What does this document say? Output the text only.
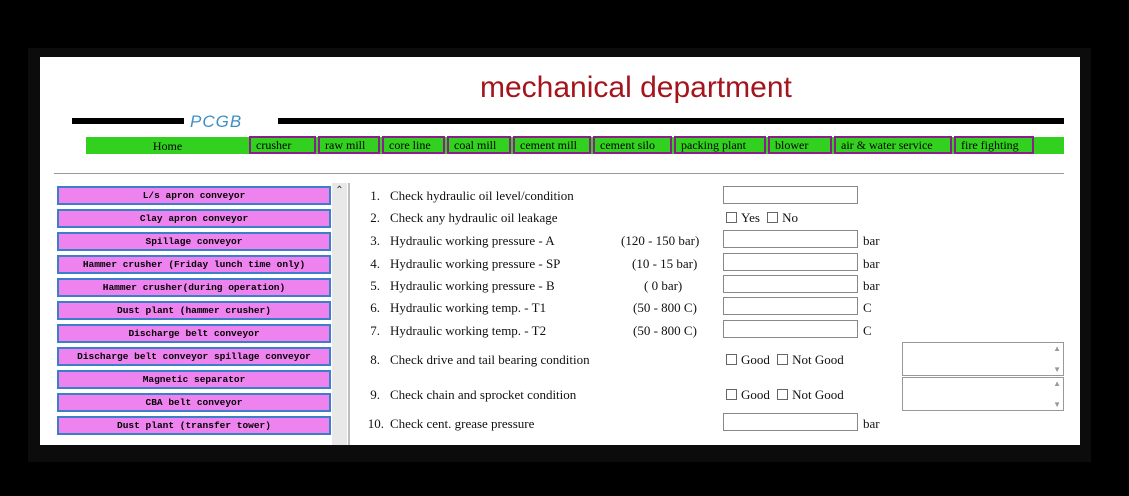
mechanical department
PCGB
Home	crusher	raw mill	core line	coal mill	cement mill	cement silo	packing plant	blower	air & water service	fire fighting
L/s apron conveyor
Clay apron conveyor
Spillage conveyor
Hammer crusher (Friday lunch time only)
Hammer crusher(during operation)
Dust plant (hammer crusher)
Discharge belt conveyor
Discharge belt conveyor spillage conveyor
Magnetic separator
CBA belt conveyor
Dust plant (transfer tower)
⌃	1. Check hydraulic oil level/condition
2. Check any hydraulic oil leakage	Yes No
3. Hydraulic working pressure - A	(120 - 150 bar)	bar
4. Hydraulic working pressure - SP	(10 - 15 bar)	bar
5. Hydraulic working pressure - B	( 0 bar)	bar
6. Hydraulic working temp. - T1	(50 - 800 C)	C
7. Hydraulic working temp. - T2	(50 - 800 C)	C
8. Check drive and tail bearing condition	Good Not Good
▲
▼
9. Check chain and sprocket condition	Good Not Good
▲
▼
10. Check cent. grease pressure	bar
